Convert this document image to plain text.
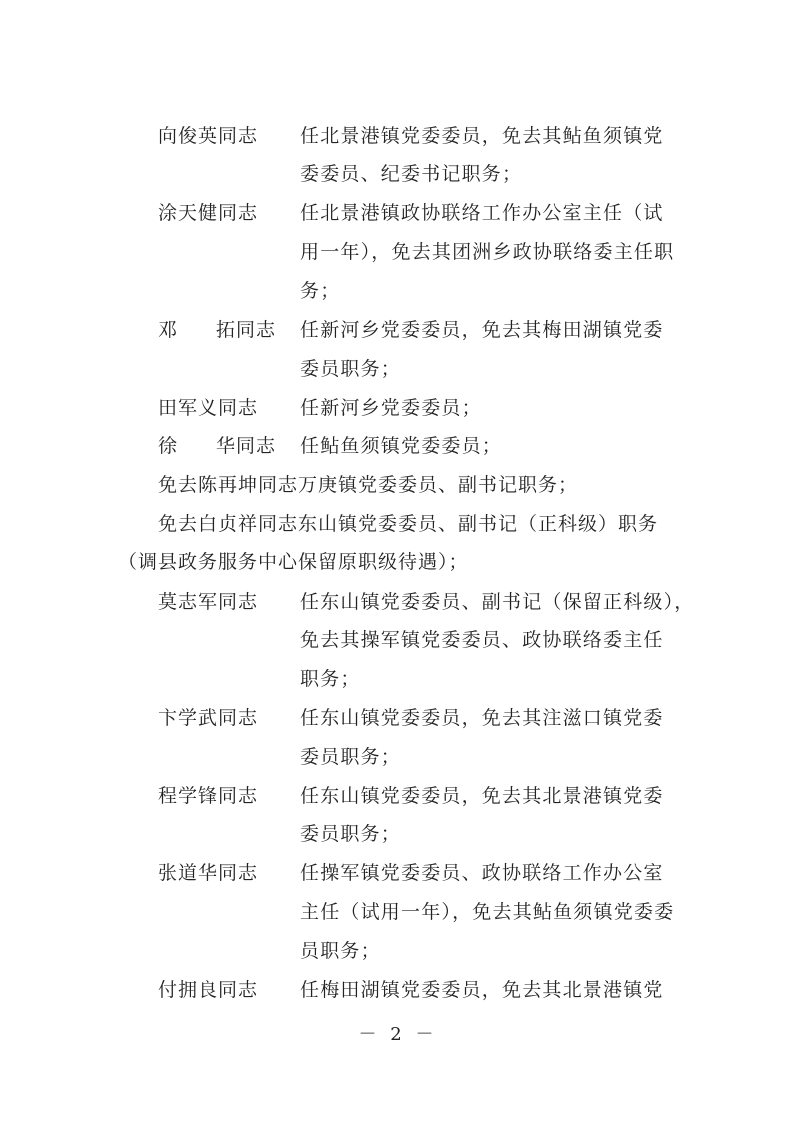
向俊英同志 任北景港镇党委委员，免去其鲇鱼须镇党
委委员、纪委书记职务；
涂天健同志 任北景港镇政协联络工作办公室主任（试
用一年），免去其团洲乡政协联络委主任职
务；
邓 拓同志 任新河乡党委委员，免去其梅田湖镇党委
委员职务；
田军义同志 任新河乡党委委员；
徐 华同志 任鲇鱼须镇党委委员；
免去陈再坤同志万庚镇党委委员、副书记职务；
免去白贞祥同志东山镇党委委员、副书记（正科级）职务
（调县政务服务中心保留原职级待遇）；
莫志军同志 任东山镇党委委员、副书记（保留正科级），
免去其操军镇党委委员、政协联络委主任
职务；
卞学武同志 任东山镇党委委员，免去其注滋口镇党委
委员职务；
程学锋同志 任东山镇党委委员，免去其北景港镇党委
委员职务；
张道华同志 任操军镇党委委员、政协联络工作办公室
主任（试用一年），免去其鲇鱼须镇党委委
员职务；
付拥良同志 任梅田湖镇党委委员，免去其北景港镇党
－ 2 －
